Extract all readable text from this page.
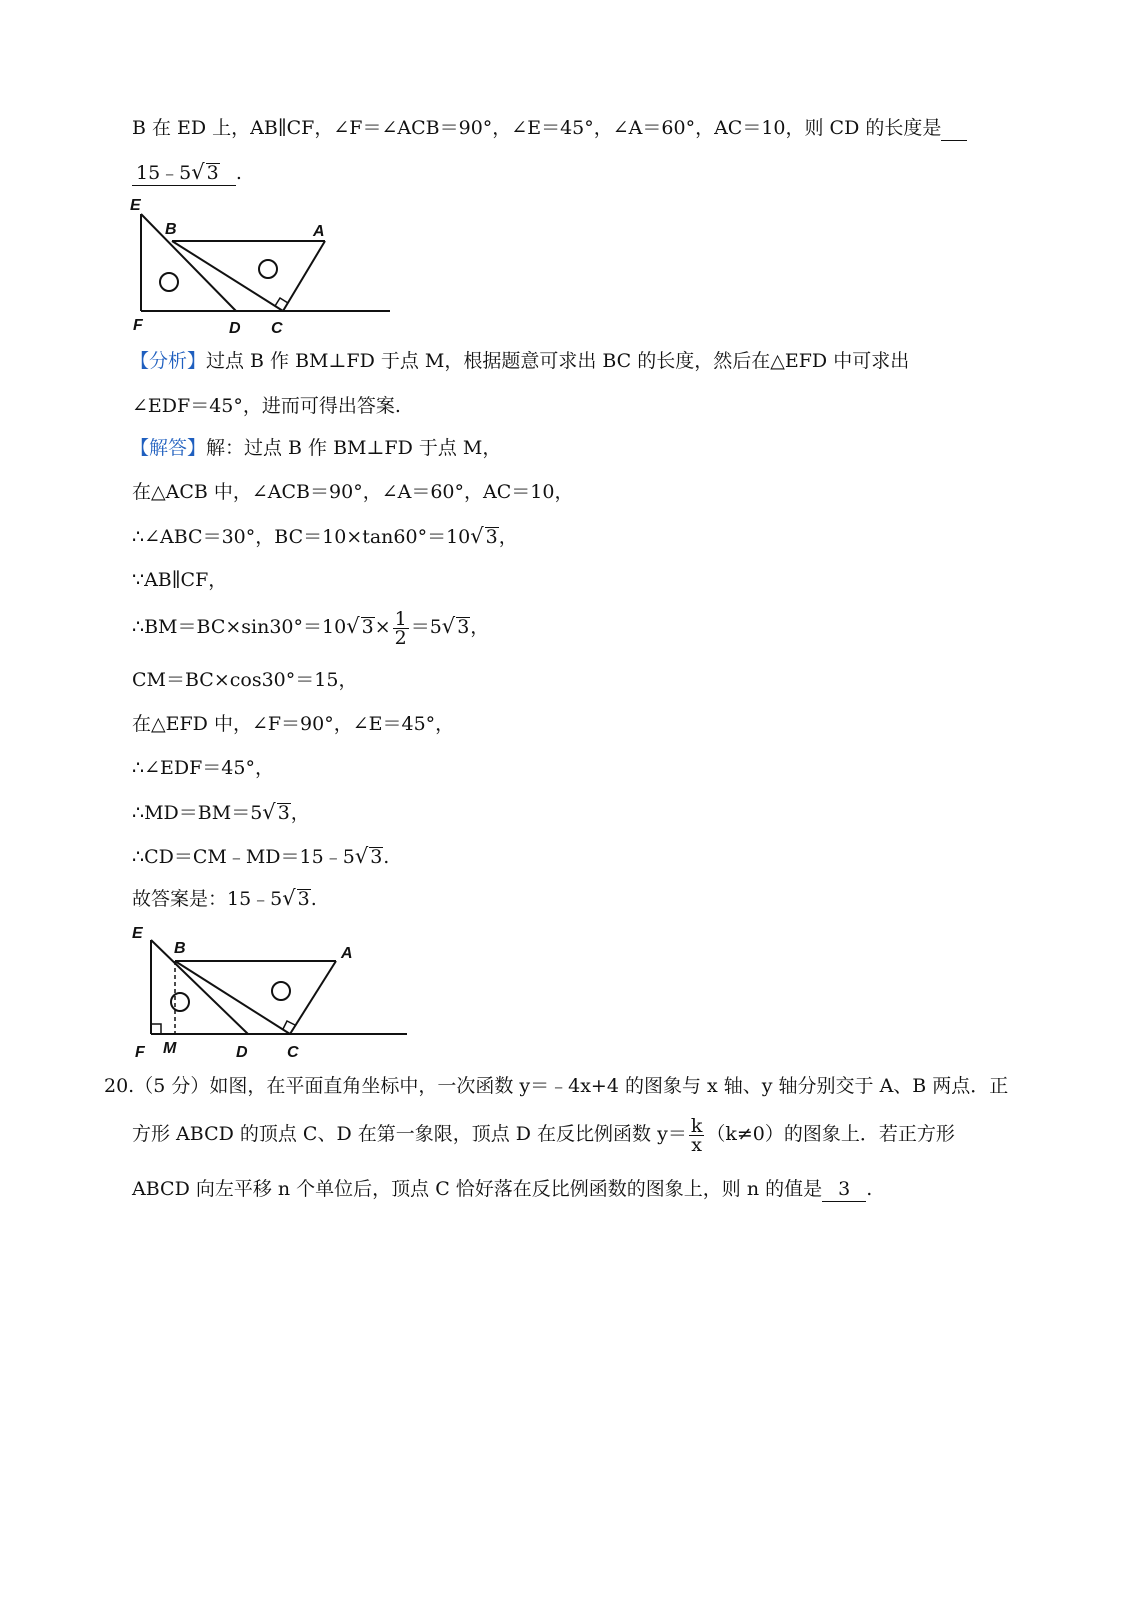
B 在 ED 上，AB∥CF，∠F＝∠ACB＝90°，∠E＝45°，∠A＝60°，AC＝10，则 CD 的长度是
15﹣5√ 3 .
E
B	A
F	D C
【分析】过点 B 作 BM⊥FD 于点 M，根据题意可求出 BC 的长度，然后在△EFD 中可求出
∠EDF＝45°，进而可得出答案.
【解答】解：过点 B 作 BM⊥FD 于点 M，
在△ACB 中，∠ACB＝90°，∠A＝60°，AC＝10，
∴∠ABC＝30°，BC＝10×tan60°＝10√ 3，
∵AB∥CF，
∴BM＝BC×sin30°＝10√ $3\times \frac{1}{2} =5√$ 3，
CM＝BC×cos30°＝15，
在△EFD 中，∠F＝90°，∠E＝45°，
∴∠EDF＝45°，
∴MD＝BM＝5√ 3，
∴CD＝CM﹣MD＝15﹣5√ 3.
故答案是：15﹣5√ 3.
E
B	A
F M	D C
20.（5 分）如图，在平面直角坐标中，一次函数 y＝﹣4x+4 的图象与 x 轴、y 轴分别交于 A、B 两点．正
方形 ABCD 的顶点 C、D 在第一象限，顶点 D 在反比例函数 $y= \frac{k}{x} (k\ne 0)$的图象上．若正方形
ABCD 向左平移 n 个单位后，顶点 C 恰好落在反比例函数的图象上，则 n 的值是 3 .
